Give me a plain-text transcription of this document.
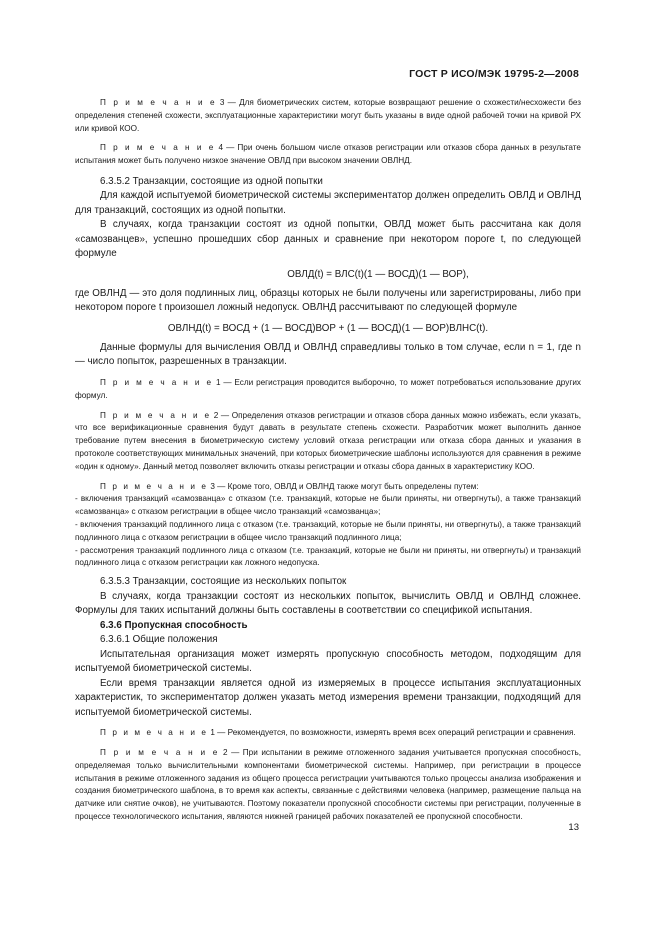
ГОСТ Р ИСО/МЭК 19795-2—2008

П р и м е ч а н и е 3 — Для биометрических систем, которые возвращают решение о схожести/несхожести без определения степеней схожести, эксплуатационные характеристики могут быть указаны в виде одной рабочей точки на кривой РХ или кривой КОО.

П р и м е ч а н и е 4 — При очень большом числе отказов регистрации или отказов сбора данных в результате испытания может быть получено низкое значение ОВЛД при высоком значении ОВЛНД.

6.3.5.2 Транзакции, состоящие из одной попытки

Для каждой испытуемой биометрической системы экспериментатор должен определить ОВЛД и ОВЛНД для транзакций, состоящих из одной попытки.

В случаях, когда транзакции состоят из одной попытки, ОВЛД может быть рассчитана как доля «самозванцев», успешно прошедших сбор данных и сравнение при некотором пороге t, по следующей формуле

ОВЛД(t) = ВЛС(t)(1 — ВОСД)(1 — ВОР),

где ОВЛНД — это доля подлинных лиц, образцы которых не были получены или зарегистрированы, либо при некотором пороге t произошел ложный недопуск. ОВЛНД рассчитывают по следующей формуле

ОВЛНД(t) = ВОСД + (1 — ВОСД)ВОР + (1 — ВОСД)(1 — ВОР)ВЛНС(t).

Данные формулы для вычисления ОВЛД и ОВЛНД справедливы только в том случае, если n = 1, где n — число попыток, разрешенных в транзакции.

П р и м е ч а н и е 1 — Если регистрация проводится выборочно, то может потребоваться использование других формул.

П р и м е ч а н и е 2 — Определения отказов регистрации и отказов сбора данных можно избежать, если указать, что все верификационные сравнения будут давать в результате степень схожести. Разработчик может выполнить данное требование путем внесения в биометрическую систему условий отказа регистрации или отказа сбора данных и указания в протоколе соответствующих минимальных значений, при которых биометрические шаблоны используются для сравнения в режиме «один к одному». Данный метод позволяет включить отказы регистрации и отказы сбора данных в характеристику КОО.

П р и м е ч а н и е 3 — Кроме того, ОВЛД и ОВЛНД также могут быть определены путем:

- включения транзакций «самозванца» с отказом (т.е. транзакций, которые не были приняты, ни отвергнуты), а также транзакций «самозванца» с отказом регистрации в общее число транзакций «самозванца»;

- включения транзакций подлинного лица с отказом (т.е. транзакций, которые не были приняты, ни отвергнуты), а также транзакций подлинного лица с отказом регистрации в общее число транзакций подлинного лица;

- рассмотрения транзакций подлинного лица с отказом (т.е. транзакций, которые не были ни приняты, ни отвергнуты) и транзакций подлинного лица с отказом регистрации как ложного недопуска.

6.3.5.3 Транзакции, состоящие из нескольких попыток

В случаях, когда транзакции состоят из нескольких попыток, вычислить ОВЛД и ОВЛНД сложнее. Формулы для таких испытаний должны быть составлены в соответствии со спецификой испытания.

6.3.6 Пропускная способность

6.3.6.1 Общие положения

Испытательная организация может измерять пропускную способность методом, подходящим для испытуемой биометрической системы.

Если время транзакции является одной из измеряемых в процессе испытания эксплуатационных характеристик, то экспериментатор должен указать метод измерения времени транзакции, подходящий для испытуемой биометрической системы.

П р и м е ч а н и е 1 — Рекомендуется, по возможности, измерять время всех операций регистрации и сравнения.

П р и м е ч а н и е 2 — При испытании в режиме отложенного задания учитывается пропускная способность, определяемая только вычислительными компонентами биометрической системы. Например, при регистрации в процессе испытания в режиме отложенного задания из общего процесса регистрации учитываются только процессы анализа изображения и создания биометрического шаблона, в то время как аспекты, связанные с действиями человека (например, размещение пальца на датчике или снятие очков), не учитываются. Поэтому показатели пропускной способности системы при регистрации, полученные в процессе технологического испытания, являются нижней границей рабочих показателей ее пропускной способности.

13
